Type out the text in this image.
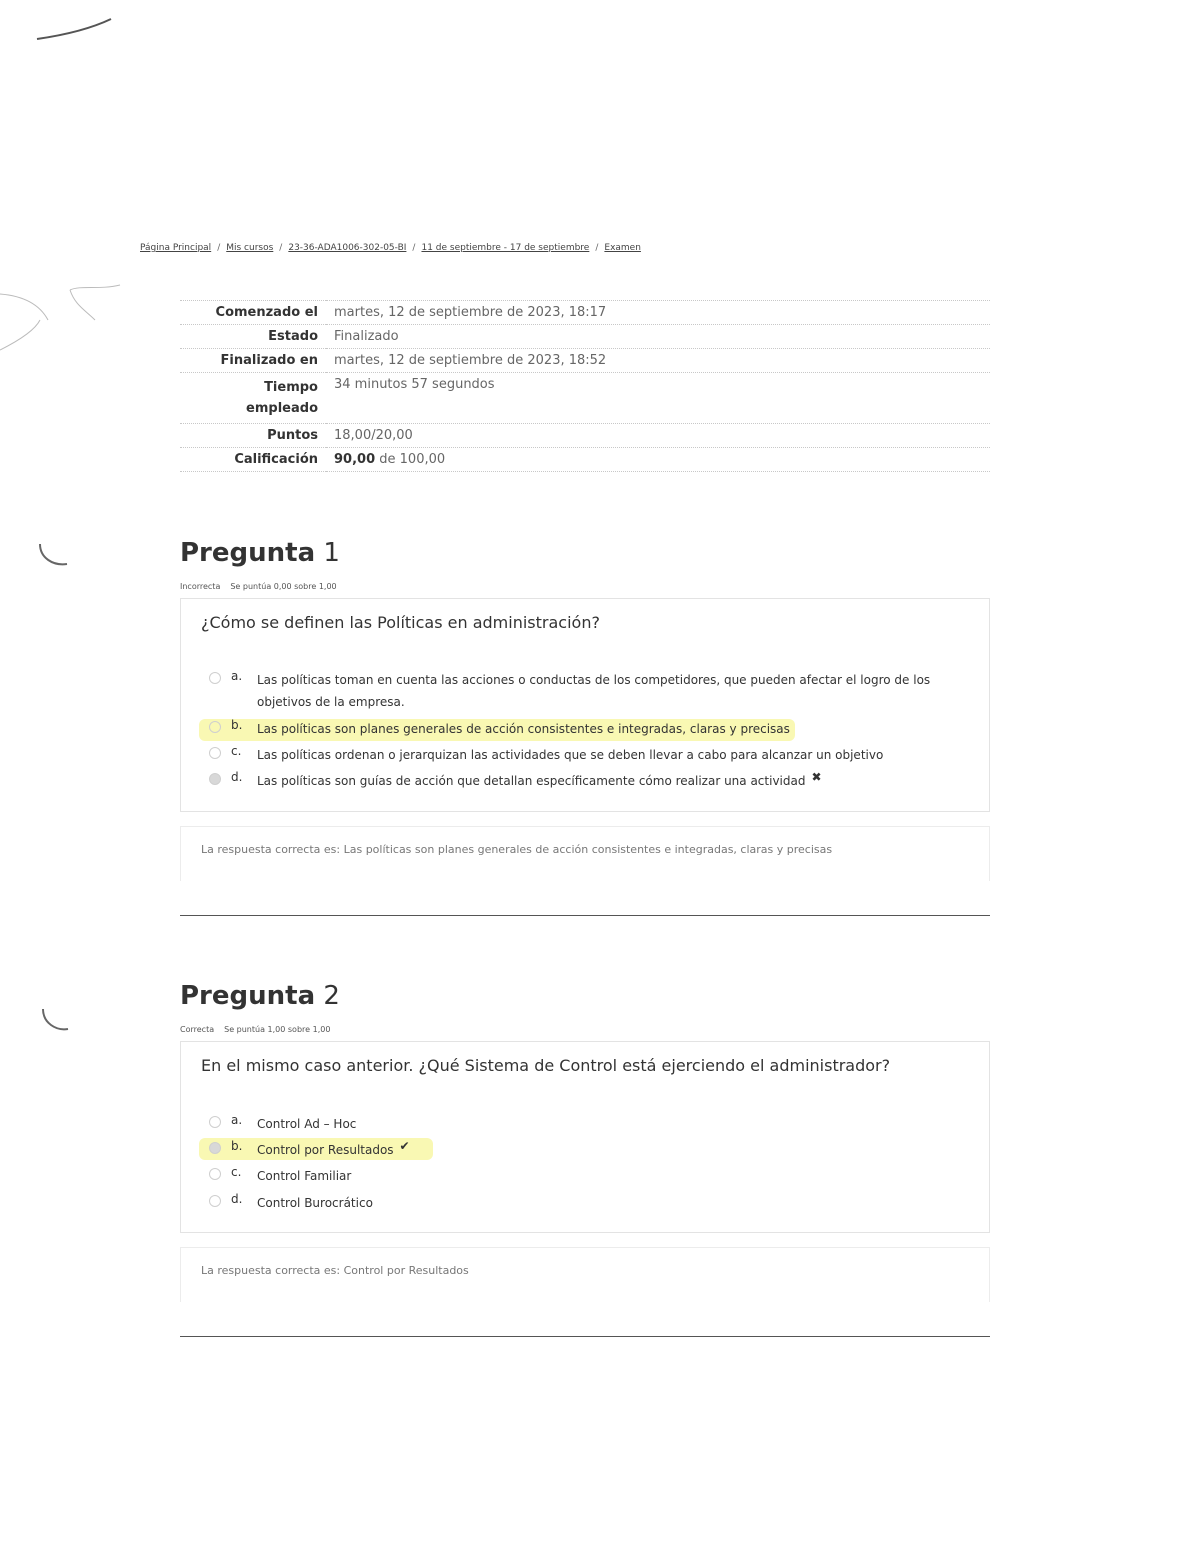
Página Principal / Mis cursos / 23-36-ADA1006-302-05-BI / 11 de septiembre - 17 de septiembre / Examen
Comenzado el	martes, 12 de septiembre de 2023, 18:17
Estado	Finalizado
Finalizado en	martes, 12 de septiembre de 2023, 18:52
Tiempo empleado	34 minutos 57 segundos
Puntos	18,00/20,00
Calificación	90,00 de 100,00
Pregunta 1
Incorrecta Se puntúa 0,00 sobre 1,00
¿Cómo se definen las Políticas en administración?
a.	Las políticas toman en cuenta las acciones o conductas de los competidores, que pueden afectar el logro de los objetivos de la empresa.
b.	Las políticas son planes generales de acción consistentes e integradas, claras y precisas
c.	Las políticas ordenan o jerarquizan las actividades que se deben llevar a cabo para alcanzar un objetivo
d.	Las políticas son guías de acción que detallan específicamente cómo realizar una actividad ✖
La respuesta correcta es: Las políticas son planes generales de acción consistentes e integradas, claras y precisas
Pregunta 2
Correcta Se puntúa 1,00 sobre 1,00
En el mismo caso anterior. ¿Qué Sistema de Control está ejerciendo el administrador?
a.	Control Ad – Hoc
b.	Control por Resultados ✔
c.	Control Familiar
d.	Control Burocrático
La respuesta correcta es: Control por Resultados
